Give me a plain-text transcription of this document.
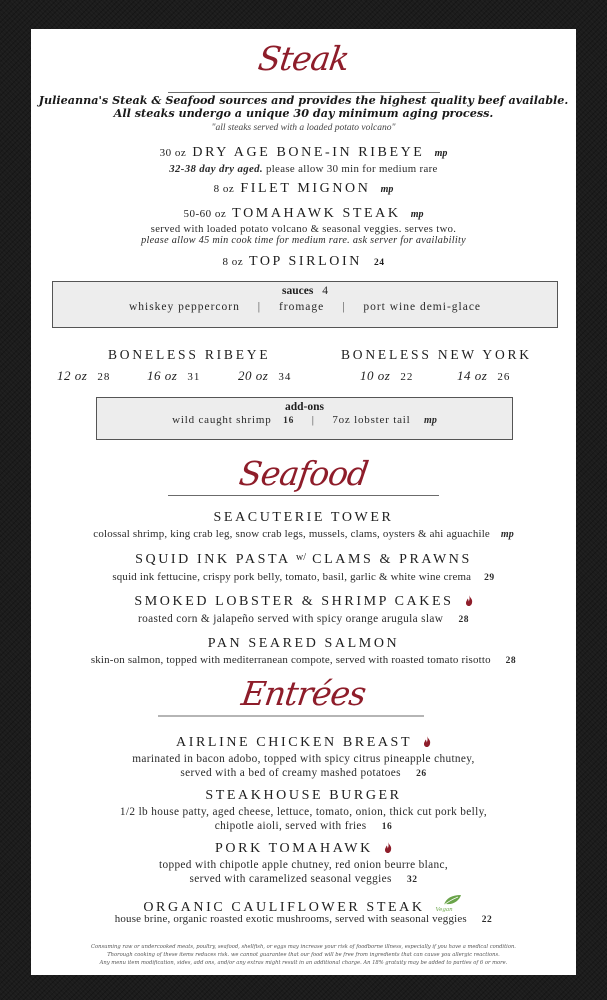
Steak
Julieanna's Steak & Seafood sources and provides the highest quality beef available.
All steaks undergo a unique 30 day minimum aging process.
"all steaks served with a loaded potato volcano"
30 oz DRY AGE BONE-IN RIBEYE mp
32-38 day dry aged. please allow 30 min for medium rare
8 oz FILET MIGNON mp
50-60 oz TOMAHAWK STEAK mp
served with loaded potato volcano & seasonal veggies. serves two.
please allow 45 min cook time for medium rare. ask server for availability
8 oz TOP SIRLOIN 24
sauces 4
whiskey peppercorn | fromage | port wine demi-glace
BONELESS RIBEYE
12 oz 28	16 oz 31	20 oz 34
BONELESS NEW YORK
10 oz 22	14 oz 26
add-ons
wild caught shrimp 16 | 7oz lobster tail mp
Seafood
SEACUTERIE TOWER
colossal shrimp, king crab leg, snow crab legs, mussels, clams, oysters & ahi aguachile mp
SQUID INK PASTA $^{w/}$ CLAMS & PRAWNS
squid ink fettucine, crispy pork belly, tomato, basil, garlic & white wine crema 29
SMOKED LOBSTER & SHRIMP CAKES
roasted corn & jalapeño served with spicy orange arugula slaw 28
PAN SEARED SALMON
skin-on salmon, topped with mediterranean compote, served with roasted tomato risotto 28
Entrées
AIRLINE CHICKEN BREAST
marinated in bacon adobo, topped with spicy citrus pineapple chutney,
served with a bed of creamy mashed potatoes 26
STEAKHOUSE BURGER
1/2 lb house patty, aged cheese, lettuce, tomato, onion, thick cut pork belly,
chipotle aioli, served with fries 16
PORK TOMAHAWK
topped with chipotle apple chutney, red onion beurre blanc,
served with caramelized seasonal veggies 32
ORGANIC CAULIFLOWER STEAK Vegan
house brine, organic roasted exotic mushrooms, served with seasonal veggies 22
Consuming raw or undercooked meats, poultry, seafood, shellfish, or eggs may increase your risk of foodborne illness, especially if you have a medical condition.
Thorough cooking of these items reduces risk. we cannot guarantee that our food will be free from ingredients that can cause you allergic reactions.
Any menu item modification, sides, add ons, and/or any extras might result in an additional charge. An 18% gratuity may be added to parties of 6 or more.
